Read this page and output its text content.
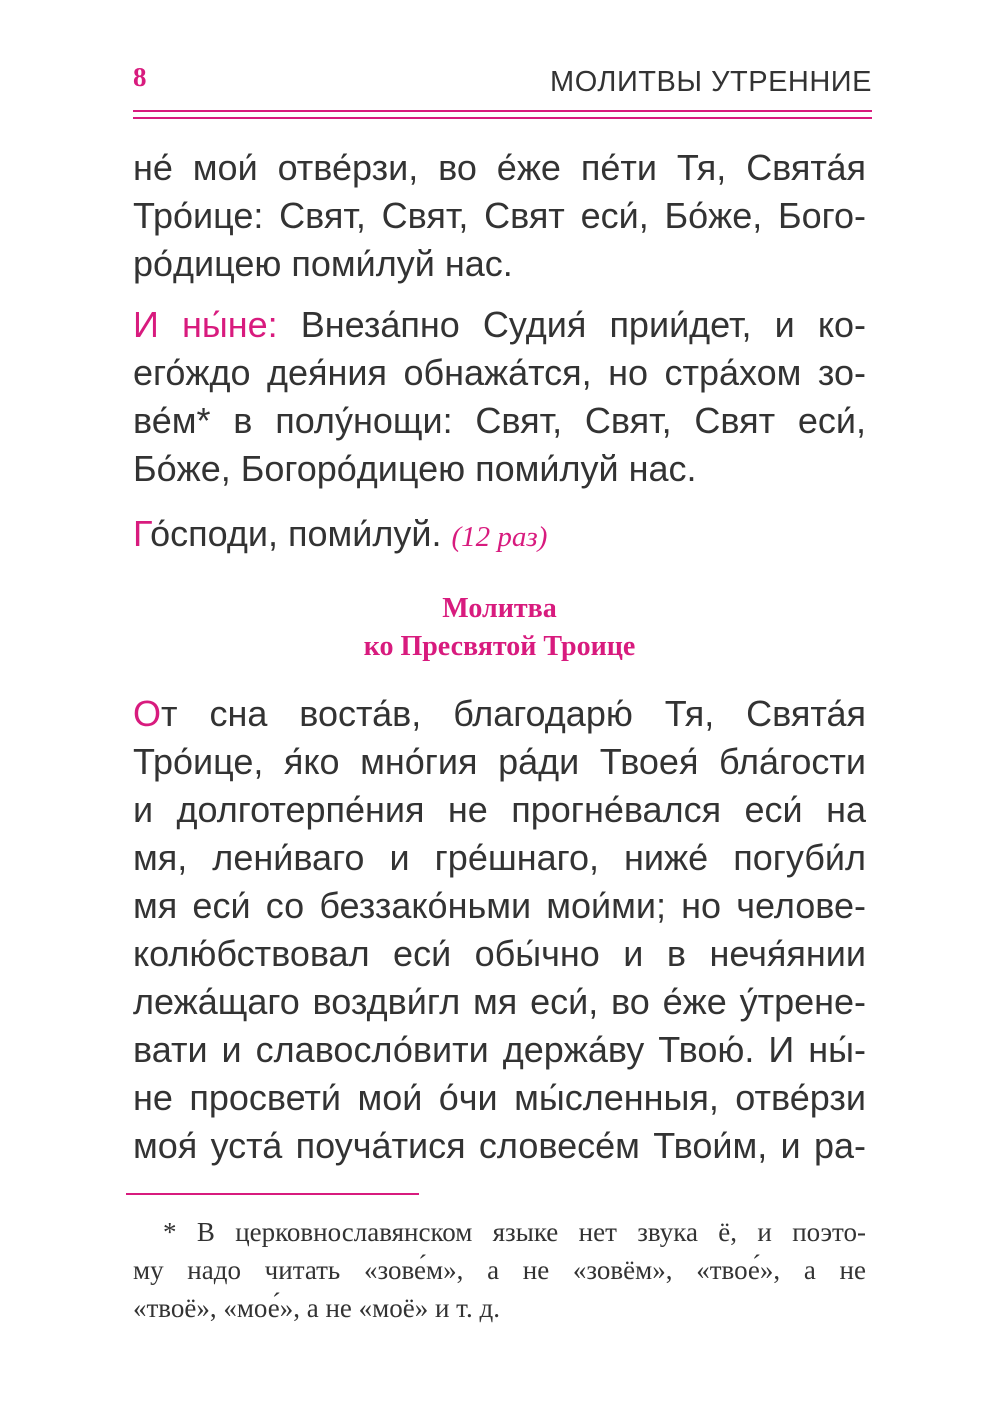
8	МОЛИТВЫ УТРЕННИЕ
не́ мои́ отве́рзи, во е́же пе́ти Тя, Свята́я
Тро́ице: Свят, Свят, Свят еси́, Бо́же, Бого-
ро́дицею поми́луй нас.
И ны́не: Внеза́пно Судия́ прии́дет, и ко-
его́ждо дея́ния обнажа́тся, но стра́хом зо-
ве́м* в полу́нощи: Свят, Свят, Свят еси́,
Бо́же, Богоро́дицею поми́луй нас.
Го́споди, поми́луй. (12 раз)
Молитва
ко Пресвятой Троице
От сна воста́в, благодарю́ Тя, Свята́я
Тро́ице, я́ко мно́гия ра́ди Твоея́ бла́гости
и долготерпе́ния не прогне́вался еси́ на
мя, лени́ваго и гре́шнаго, ниже́ погуби́л
мя еси́ со беззако́ньми мои́ми; но челове-
колю́бствовал еси́ обы́чно и в нечя́янии
лежа́щаго воздви́гл мя еси́, во е́же у́трене-
вати и славосло́вити держа́ву Твою́. И ны́-
не просвети́ мои́ о́чи мы́сленныя, отве́рзи
моя́ уста́ поуча́тися словесе́м Твои́м, и ра-
* В церковнославянском языке нет звука ё, и поэто-
му надо читать «зове́м», а не «зовём», «твое́», а не
«твоё», «мое́», а не «моё» и т. д.
